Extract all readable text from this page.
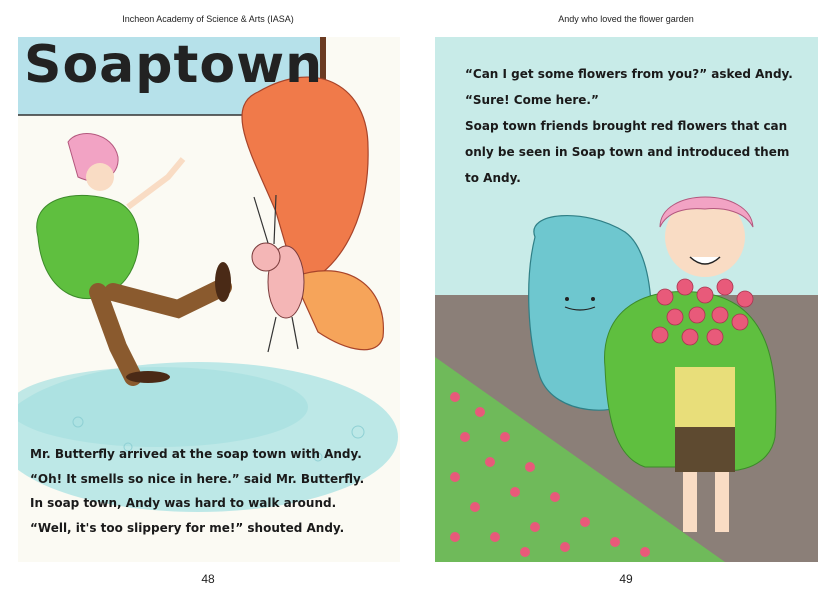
Incheon Academy of Science & Arts (IASA)	Andy who loved the flower garden
Soaptown

Mr. Butterfly arrived at the soap town with Andy.

“Oh! It smells so nice in here.” said Mr. Butterfly.

In soap town, Andy was hard to walk around.

“Well, it's too slippery for me!” shouted Andy.

“Can I get some flowers from you?” asked Andy.

“Sure! Come here.”

Soap town friends brought red flowers that can

only be seen in Soap town and introduced them

to Andy.

48	49
